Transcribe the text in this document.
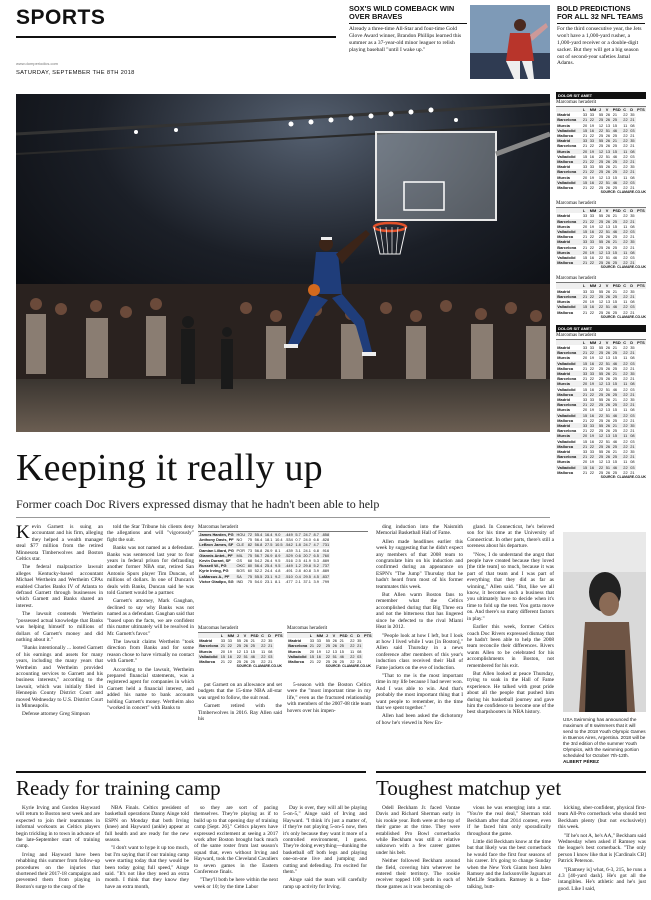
SPORTS
www.domperiodics.com
SATURDAY, SEPTEMBER THE 8TH 2018
SOX'S WILD COMEBACK WIN OVER BRAVES
Already a three-time All-Star and four-time Gold Glove Award winner, Brandon Phillips learned this summer as a 37-year-old minor leaguer to relish playing baseball "until I wake up."
BOLD PREDICTIONS FOR ALL 32 NFL TEAMS
For the third consecutive year, the Jets won't have a 1,000-yard rusher, a 1,000-yard receiver or a double-digit sacker. But they will get a big season out of second-year safeties Jamal Adams.
DOLOR SIT AMET
Marcomas heraderit
	L	MM	J	V	PSD	C	D	PTS
Madrid	33	33	55	26	21	22	35	
Barcelona	21	22	25	26	25	22	21	
Murcia	20	19	12	13	15	11	08	
Valladolid	15	16	22	51	46	22	03	
Mallorca	21	22	25	26	25	22	21	
Madrid	33	33	55	26	21	22	35	
Barcelona	21	22	25	26	25	22	21	
Murcia	20	19	12	13	15	11	08	
Valladolid	15	16	22	51	46	22	03	
Mallorca	21	22	25	26	25	22	21	
Madrid	33	33	55	26	21	22	35	
Barcelona	21	22	25	26	25	22	21	
Murcia	20	19	12	13	15	11	08	
Valladolid	15	16	22	51	46	22	03	
Mallorca	21	22	25	26	25	22	21	
SOURCE: CLAMARE.CO.UK
Marcomas heraderit
	L	MM	J	V	PSD	C	D	PTS
Madrid	33	33	55	26	21	22	35	
Barcelona	21	22	25	26	25	22	21	
Murcia	20	19	12	13	15	11	08	
Valladolid	15	16	22	51	46	22	03	
Mallorca	21	22	25	26	25	22	21	
Madrid	33	33	55	26	21	22	35	
Barcelona	21	22	25	26	25	22	21	
Murcia	20	19	12	13	15	11	08	
Valladolid	15	16	22	51	46	22	03	
Mallorca	21	22	25	26	25	22	21	
SOURCE: CLAMARE.CO.UK
Marcomas heraderit
	L	MM	J	V	PSD	C	D	PTS
Madrid	33	33	55	26	21	22	35	
Barcelona	21	22	25	26	25	22	21	
Murcia	20	19	12	13	15	11	08	
Valladolid	15	16	22	51	46	22	03	
Mallorca	21	22	25	26	25	22	21	
SOURCE: CLAMARE.CO.UK
DOLOR SIT AMET
Marcomas heraderit
	L	MM	J	V	PSD	C	D	PTS
Madrid	33	33	55	26	21	22	35	
Barcelona	21	22	25	26	25	22	21	
Murcia	20	19	12	13	15	11	08	
Valladolid	15	16	22	51	46	22	03	
Mallorca	21	22	25	26	25	22	21	
Madrid	33	33	55	26	21	22	35	
Barcelona	21	22	25	26	25	22	21	
Murcia	20	19	12	13	15	11	08	
Valladolid	15	16	22	51	46	22	03	
Mallorca	21	22	25	26	25	22	21	
Madrid	33	33	55	26	21	22	35	
Barcelona	21	22	25	26	25	22	21	
Murcia	20	19	12	13	15	11	08	
Valladolid	15	16	22	51	46	22	03	
Mallorca	21	22	25	26	25	22	21	
Madrid	33	33	55	26	21	22	35	
Barcelona	21	22	25	26	25	22	21	
Murcia	20	19	12	13	15	11	08	
Valladolid	15	16	22	51	46	22	03	
Mallorca	21	22	25	26	25	22	21	
Madrid	33	33	55	26	21	22	35	
Barcelona	21	22	25	26	25	22	21	
Murcia	20	19	12	13	15	11	08	
Valladolid	15	16	22	51	46	22	03	
Mallorca	21	22	25	26	25	22	21	
SOURCE: CLAMARE.CO.UK
Keeping it really up
Former coach Doc Rivers expressed dismay that he hadn't been able to help

Kevin Garnett is suing an accountant and his firm, alleging they helped a wealth manager steal $77 million from the retired Minnesota Timberwolves and Boston Celtics star.

The federal malpractice lawsuit alleges Kentucky-based accountant Michael Wertheim and Wertheim CPAs enabled Charles Banks IV of Atlanta to defraud Garnett through businesses in which Garnett and Banks shared an interest.

The lawsuit contends Wertheim "possessed actual knowledge that Banks was helping himself to millions of dollars of Garnett's money and did nothing about it."

"Banks intentionally ... looted Garnett of his earnings and assets for many years, including the many years that Wertheim and Wertheim provided accounting services to Garnett and his business interests," according to the lawsuit, which was initially filed in Hennepin County District Court and moved Wednesday to U.S. District Court in Minneapolis.

Defense attorney Greg Simpson

told the Star Tribune his clients deny the allegations and will "vigorously" fight the suit.

Banks was not named as a defendant. Banks was sentenced last year to four years in federal prison for defrauding another former NBA star, retired San Antonio Spurs player Tim Duncan, of millions of dollars. In one of Duncan's deals with Banks, Duncan said he was told Garnett would be a partner.

Garnett's attorney, Mark Gaughan, declined to say why Banks was not named as a defendant. Gaughan said that "based upon the facts, we are confident this matter ultimately will be resolved in Mr. Garnett's favor."

The lawsuit claims Wertheim "took direction from Banks and for some reason chose to have virtually no contact with Garnett."

According to the lawsuit, Wertheim prepared financial statements, was a registered agent for companies in which Garnett held a financial interest, and added his name to bank accounts holding Garnett's money. Wertheim also "worked in concert" with Banks to

Marcomas heraderit
James Harden, PG	HOU	72	55.4	16.4	9.0	.449	5.7	24.7	8.7	.858
Anthony Davis, PF	NO	75	56.4	18.1	10.4	.534	0.7	24.0	6.6	.828
LeBron James, SF	CLE	82	56.8	27.5	10.5	.542	1.8	24.7	4.7	.731
Damian Lillard, PG	POR	73	56.8	26.9	8.1	.439	3.1	24.1	6.8	.916
Giannis Antet., PF	MIL	75	56.7	26.9	8.9	.529	0.6	20.7	6.5	.760
Kevin Durant, SF	GS	68	54.2	26.4	9.5	.516	2.5	41.9	5.3	.889
Russell W., PG	OKC	80	56.4	25.4	9.5	.449	1.2	29.8	5.2	.737
Kyrie Irving, PG	BOS	60	52.2	24.4	4.8	.491	2.8	40.8	3.9	.889
LaMarcus A., PF	SA	75	55.5	23.1	9.2	.510	0.4	29.5	4.5	.837
Victor Oladipo, SG	IND	75	54.0	23.1	8.1	.477	2.1	37.1	3.9	.799
Marcomas heraderit
	L	MM	J	V	PSD	C	D	PTS
Madrid	33	33	55	26	21	22	35	
Barcelona	21	22	25	26	25	22	21	
Murcia	20	19	12	13	15	11	08	
Valladolid	15	16	22	51	46	22	03	
Mallorca	21	22	25	26	25	22	21	
SOURCE: CLAMARE.CO.UK
Marcomas heraderit
	L	MM	J	V	PSD	C	D	PTS
Madrid	33	33	55	26	21	22	35	
Barcelona	21	22	25	26	25	22	21	
Murcia	20	19	12	13	15	11	08	
Valladolid	15	16	22	51	46	22	03	
Mallorca	21	22	25	26	25	22	21	
SOURCE: CLAMARE.CO.UK

put Garnett on an allowance and set budgets that the 15-time NBA all-star was urged to follow, the suit read.

Garnett retired with the Timberwolves in 2016. Ray Allen said his

5-season with the Boston Celtics were the "most important time in my life," even as the fractured relationship with members of the 2007-08 title team hovers over his impen-

ding induction into the Naismith Memorial Basketball Hall of Fame.

Allen made headlines earlier this week by suggesting that he didn't expect any members of that 2008 team to congratulate him on his induction and confirmed during an appearance on ESPN's "The Jump" Thursday that he hadn't heard from most of his former teammates this week.

But Allen warm Boston fans to remember what the Celtics accomplished during that Big Three era and not the bitterness that has lingered since he defected to the rival Miami Heat in 2012.

"People look at how I left, but I look at how I lived while I was [in Boston]," Allen said Thursday in a news conference after members of this year's induction class received their Hall of Fame jackets on the eve of induction.

"That to me is the most important time in my life because I had never won. And I was able to win. And that's probably the most important thing that I want people to remember, in the time that we spent together."

Allen had been asked the dichotomy of how he's viewed in New En-

gland. In Connecticut, he's beloved son for his time at the University of Connecticut. In other parts, there's still a soreness about his departure.

"Now, I do understand the angst that people have created because they loved [the title team] so much, because it was part of that team and I was part of everything that they did as far as winning," Allen said. "But, like we all know, it becomes such a business that you ultimately have to decide when it's time to fold up the tent. You gotta move on. And there's so many different factors in play."

Earlier this week, former Celtics coach Doc Rivers expressed dismay that he hadn't been able to help the 2008 team reconcile their differences. Rivers wants Allen to be celebrated for his accomplishments in Boston, not remembered for his exit.

But Allen looked at peace Thursday, trying to soak in the Hall of Fame experience. He talked with great pride about all the people that pushed him during his basketball journey and gave him the confidence to become one of the best sharpshooters in NBA history.

USA Swimming has announced the maximum of 8 swimmers that it will send to the 2018 Youth Olympic Games in Buenos Aires, Argentina. 2018 will be the 3rd edition of the summer Youth Olympics, with the swimming portion scheduled for October 7th-12th. ALBERT PÉREZ
Ready for training camp

Kyrie Irving and Gordon Hayward will return to Boston next week and are expected to join their teammates in informal workouts as Celtics players begin trickling in to town in advance of the late-September start of training camp.

Irving and Hayward have been rehabbing this summer from follow-up procedures on the injuries that shortened their 2017-18 campaigns and prevented them from playing in Boston's surge to the cusp of the

NBA Finals. Celtics president of basketball operations Danny Ainge told ESPN on Monday that both Irving (knee) and Hayward (ankle) appear at full health and are ready for the new season.

"I don't want to hype it up too much, but I'm saying that if our training camp were starting today that they would be been today going full speed," Ainge said. "It's not like they need an extra month. I think that they know they have an extra month,

so they are sort of pacing themselves. They're playing as if to build up to that opening day of training camp [Sept. 26]." Celtics players have expressed excitement at seeing a 2017 work after Boston brought back much of the same roster from last season's squad that, even without Irving and Hayward, took the Cleveland Cavaliers to seven games in the Eastern Conference finals.

"They'll both be here within the next week or 10; by the time Labor

Day is over, they will all be playing 5-on-5," Ainge said of Irving and Hayward. "I think it's just a matter of, if they're not playing 5-on-5 now, then it's only because they want it more of a controlled environment, I guess. They're doing everything—dunking the basketball off both legs and playing one-on-one live and jumping and cutting and defending. I'm excited for them."

Ainge said the team will carefully ramp up activity for Irving.

Toughest matchup yet

Odell Beckham Jr. faced Vontae Davis and Richard Sherman early in his rookie year. Both were at the top of their game at the time. They were established Pro Bowl cornerbacks while Beckham was still a relative unknown with a few career games under his belt.

Neither followed Beckham around the field, covering him wherever he entered their territory. The rookie receiver topped 100 yards in each of those games as it was becoming ob-

vious he was emerging into a star. "You're the real deal," Sherman told Beckham after that 2014 contest, even if he faced him only sporadically throughout the game.

Little did Beckham know at the time but that likely was the best cornerback he would face the first four seasons of his career. It's going to change Sunday when the New York Giants host Jalen Ramsey and the Jacksonville Jaguars at MetLife Stadium. Ramsey is a fast-talking, butt-

kicking, uber-confident, physical first-team All-Pro cornerback who should test Beckham plenty (but not exclusively) this week.

"If he's not A, he's AA," Beckham said Wednesday when asked if Ramsey was the league's best cornerback. "The only person I know like that is [Cardinals CB] Patrick Peterson.

"[Ramsey is] what, 6-3, 215, he runs a 4.3 [40-yard dash]. He's got all the intangibles. He's athletic and he's just good. Like I said,
